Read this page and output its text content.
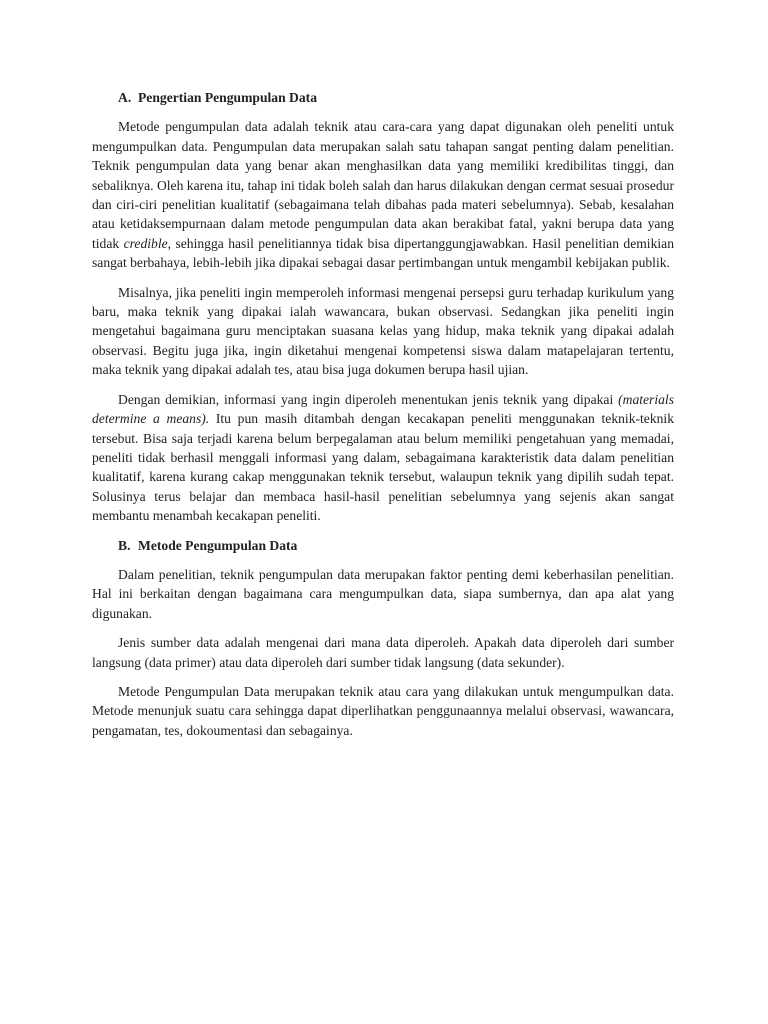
A. Pengertian Pengumpulan Data

Metode pengumpulan data adalah teknik atau cara-cara yang dapat digunakan oleh peneliti untuk mengumpulkan data. Pengumpulan data merupakan salah satu tahapan sangat penting dalam penelitian. Teknik pengumpulan data yang benar akan menghasilkan data yang memiliki kredibilitas tinggi, dan sebaliknya. Oleh karena itu, tahap ini tidak boleh salah dan harus dilakukan dengan cermat sesuai prosedur dan ciri-ciri penelitian kualitatif (sebagaimana telah dibahas pada materi sebelumnya). Sebab, kesalahan atau ketidaksempurnaan dalam metode pengumpulan data akan berakibat fatal, yakni berupa data yang tidak credible, sehingga hasil penelitiannya tidak bisa dipertanggungjawabkan. Hasil penelitian demikian sangat berbahaya, lebih-lebih jika dipakai sebagai dasar pertimbangan untuk mengambil kebijakan publik.

Misalnya, jika peneliti ingin memperoleh informasi mengenai persepsi guru terhadap kurikulum yang baru, maka teknik yang dipakai ialah wawancara, bukan observasi. Sedangkan jika peneliti ingin mengetahui bagaimana guru menciptakan suasana kelas yang hidup, maka teknik yang dipakai adalah observasi. Begitu juga jika, ingin diketahui mengenai kompetensi siswa dalam matapelajaran tertentu, maka teknik yang dipakai adalah tes, atau bisa juga dokumen berupa hasil ujian.

Dengan demikian, informasi yang ingin diperoleh menentukan jenis teknik yang dipakai (materials determine a means). Itu pun masih ditambah dengan kecakapan peneliti menggunakan teknik-teknik tersebut. Bisa saja terjadi karena belum berpegalaman atau belum memiliki pengetahuan yang memadai, peneliti tidak berhasil menggali informasi yang dalam, sebagaimana karakteristik data dalam penelitian kualitatif, karena kurang cakap menggunakan teknik tersebut, walaupun teknik yang dipilih sudah tepat. Solusinya terus belajar dan membaca hasil-hasil penelitian sebelumnya yang sejenis akan sangat membantu menambah kecakapan peneliti.

B. Metode Pengumpulan Data

Dalam penelitian, teknik pengumpulan data merupakan faktor penting demi keberhasilan penelitian. Hal ini berkaitan dengan bagaimana cara mengumpulkan data, siapa sumbernya, dan apa alat yang digunakan.

Jenis sumber data adalah mengenai dari mana data diperoleh. Apakah data diperoleh dari sumber langsung (data primer) atau data diperoleh dari sumber tidak langsung (data sekunder).

Metode Pengumpulan Data merupakan teknik atau cara yang dilakukan untuk mengumpulkan data. Metode menunjuk suatu cara sehingga dapat diperlihatkan penggunaannya melalui observasi, wawancara, pengamatan, tes, dokoumentasi dan sebagainya.
